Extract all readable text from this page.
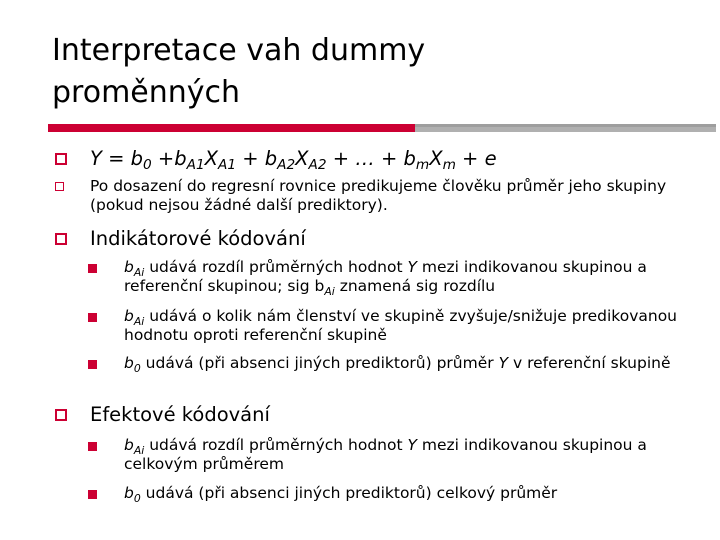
Interpretace vah dummy
proměnných
$Y = b_0 +b_{A1}X_{A1} + b_{A2}X_{A2}$ + … + $b_mX_m + e$
Po dosazení do regresní rovnice predikujeme člověku průměr jeho skupiny (pokud nejsou žádné další prediktory).
Indikátorové kódování
$b_{Ai}$ udává rozdíl průměrných hodnot Y mezi indikovanou skupinou a referenční skupinou; sig $b_{Ai}$ znamená sig rozdílu
$b_{Ai}$ udává o kolik nám členství ve skupině zvyšuje/snižuje predikovanou hodnotu oproti referenční skupině
$b_0$ udává (při absenci jiných prediktorů) průměr Y v referenční skupině
Efektové kódování
$b_{Ai}$ udává rozdíl průměrných hodnot Y mezi indikovanou skupinou a celkovým průměrem
$b_0$ udává (při absenci jiných prediktorů) celkový průměr
